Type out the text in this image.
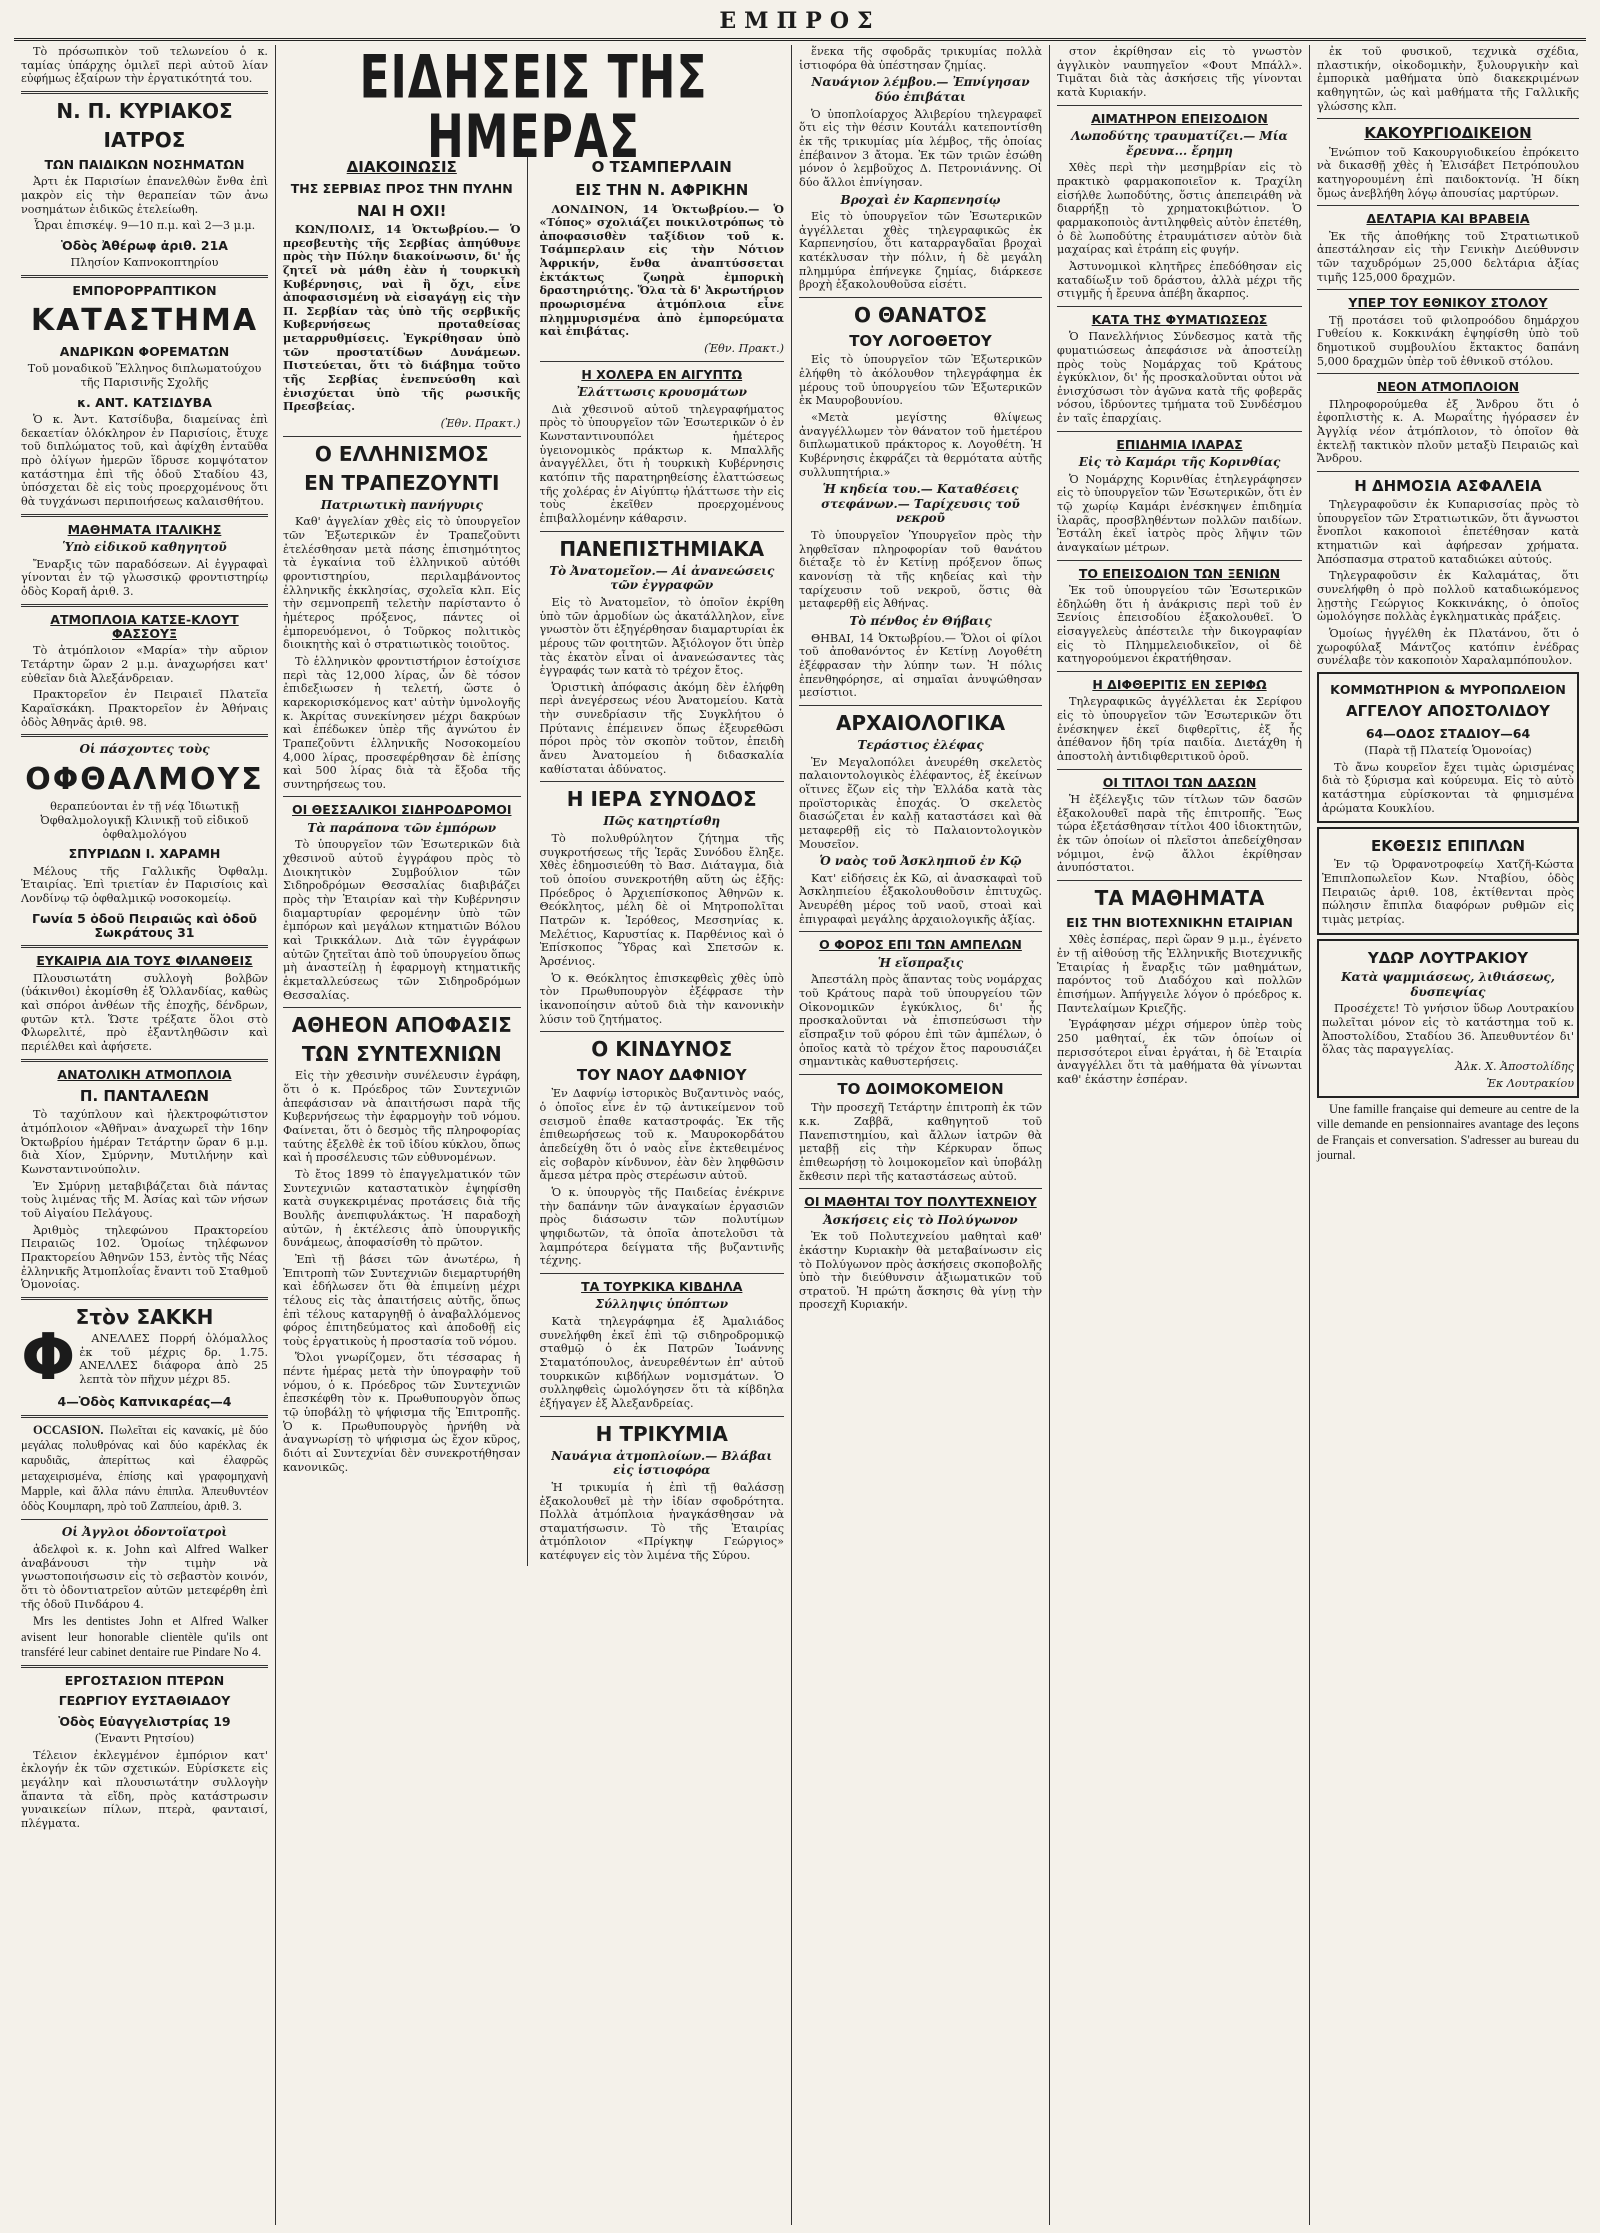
ΕΜΠΡΟΣ

Τὸ πρόσωπικὸν τοῦ τελωνείου ὁ κ. ταμίας ὑπάρχης ὁμιλεῖ περὶ αὐτοῦ λίαν εὐφήμως ἐξαίρων τὴν ἐργατικότητά του.

Ν. Π. ΚΥΡΙΑΚΟΣ
ΙΑΤΡΟΣ
ΤΩΝ ΠΑΙΔΙΚΩΝ ΝΟΣΗΜΑΤΩΝ

Ἀρτι ἐκ Παρισίων ἐπανελθὼν ἔνθα ἐπὶ μακρὸν εἰς τὴν θεραπείαν τῶν ἀνω νοσημάτων ἐιδικῶς ἐτελείωθη.

Ὧραι ἐπισκέψ. 9—10 π.μ. καὶ 2—3 μ.μ.

Ὁδὸς Ἀθέρωφ ἀριθ. 21Α

Πλησίον Καπνοκοπτηρίου

ΕΜΠΟΡΟΡΡΑΠΤΙΚΟΝ
ΚΑΤΑΣΤΗΜΑ
ΑΝΔΡΙΚΩΝ ΦΟΡΕΜΑΤΩΝ

Τοῦ μοναδικοῦ Ἕλληνος διπλωματούχου τῆς Παρισινῆς Σχολῆς

κ. ΑΝΤ. ΚΑΤΣΙΔΥΒΑ

Ὁ κ. Ἀντ. Κατσίδυβα, διαμείνας ἐπὶ δεκαετίαν ὁλόκληρον ἐν Παρισίοις, ἔτυχε τοῦ διπλώματος τοῦ, καὶ ἀφίχθη ἐνταῦθα πρὸ ὀλίγων ἡμερῶν ἵδρυσε κομψότατον κατάστημα ἐπὶ τῆς ὁδοῦ Σταδίου 43, ὑπόσχεται δὲ εἰς τοὺς προερχομένους ὅτι θὰ τυγχάνωσι περιποιήσεως καλαισθήτου.

ΜΑΘΗΜΑΤΑ ΙΤΑΛΙΚΗΣ
Ὑπὸ εἰδικοῦ καθηγητοῦ

Ἔναρξις τῶν παραδόσεων. Αἱ ἐγγραφαὶ γίνονται ἐν τῷ γλωσσικῷ φροντιστηρίῳ ὁδὸς Κοραῆ ἀριθ. 3.

ΑΤΜΟΠΛΟΙΑ ΚΑΤΣΕ-ΚΛΟΥΤ ΦΑΣΣΟΥΞ

Τὸ ἀτμόπλοιον «Μαρία» τὴν αὔριον Τετάρτην ὥραν 2 μ.μ. ἀναχωρήσει κατ' εὐθεῖαν διὰ Ἀλεξάνδρειαν.

Πρακτορεῖον ἐν Πειραιεῖ Πλατεῖα Καραϊσκάκη. Πρακτορεῖον ἐν Ἀθήναις ὁδὸς Ἀθηνᾶς ἀριθ. 98.

Οἱ πάσχοντες τοὺς
ΟΦΘΑΛΜΟΥΣ

θεραπεύονται ἐν τῇ νέᾳ Ἰδιωτικῇ Ὀφθαλμολογικῇ Κλινικῇ τοῦ εἰδικοῦ ὀφθαλμολόγου

ΣΠΥΡΙΔΩΝ Ι. ΧΑΡΑΜΗ

Μέλους τῆς Γαλλικῆς Ὀφθαλμ. Ἑταιρίας. Ἐπὶ τριετίαν ἐν Παρισίοις καὶ Λονδίνῳ τῷ ὀφθαλμικῷ νοσοκομείῳ.

Γωνία 5 ὁδοῦ Πειραιῶς καὶ ὁδοῦ Σωκράτους 31
ΕΥΚΑΙΡΙΑ ΔΙΑ ΤΟΥΣ ΦΙΛΑΝΘΕΙΣ

Πλουσιωτάτη συλλογὴ βολβῶν (ὑάκινθοι) ἐκομίσθη ἐξ Ὁλλανδίας, καθὼς καὶ σπόροι ἀνθέων τῆς ἐποχῆς, δένδρων, φυτῶν κτλ. Ὥστε τρέξατε ὅλοι στὸ Φλωρελιτέ, πρὸ ἐξαντληθῶσιν καὶ περιέλθει καὶ ἀφήσετε.

ΑΝΑΤΟΛΙΚΗ ΑΤΜΟΠΛΟΙΑ
Π. ΠΑΝΤΑΛΕΩΝ

Τὸ ταχύπλουν καὶ ἠλεκτροφώτιστον ἀτμόπλοιον «Ἀθῆναι» ἀναχωρεῖ τὴν 16ην Ὀκτωβρίου ἡμέραν Τετάρτην ὥραν 6 μ.μ. διὰ Χίον, Σμύρνην, Μυτιλήνην καὶ Κωνσταντινούπολιν.

Ἐν Σμύρνῃ μεταβιβάζεται διὰ πάντας τοὺς λιμένας τῆς Μ. Ἀσίας καὶ τῶν νήσων τοῦ Αἰγαίου Πελάγους.

Ἀριθμὸς τηλεφώνου Πρακτορείου Πειραιῶς 102. Ὁμοίως τηλέφωνον Πρακτορείου Ἀθηνῶν 153, ἐντὸς τῆς Νέας ἐλληνικῆς Ἀτμοπλοΐας ἔναντι τοῦ Σταθμοῦ Ὁμονοίας.

Στὸν ΣΑΚΚΗ
Φ	ΑΝΕΛΛΕΣ Πορρή ὀλόμαλλος ἐκ τοῦ μέχρις δρ. 1.75. ΑΝΕΛΛΕΣ διάφορα ἀπὸ 25 λεπτὰ τὸν πῆχυν μέχρι 85.

4—Ὁδὸς Καπνικαρέας—4

OCCASION. Πωλεῖται εἰς κανακίς, μὲ δύο μεγάλας πολυθρόνας καὶ δύο καρέκλας ἐκ καρυδιᾶς, ἀπερίττως καὶ ἐλαφρῶς μεταχειρισμένα, ἐπίσης καὶ γραφομηχανὴ Mapple, καὶ ἄλλα πάνυ ἐπιπλα. Ἀπευθυντέον ὁδὸς Κουμπαρη, πρὸ τοῦ Ζαππείου, ἀριθ. 3.

Οἱ Ἀγγλοι ὀδοντοϊατροὶ

ἀδελφοὶ κ. κ. John καὶ Alfred Walker ἀναβάνουσι τὴν τιμὴν νὰ γνωστοποιήσωσιν εἰς τὸ σεβαστὸν κοινόν, ὅτι τὸ ὀδοντιατρεῖον αὐτῶν μετεφέρθη ἐπὶ τῆς ὁδοῦ Πινδάρου 4.

Mrs les dentistes John et Alfred Walker avisent leur honorable clientèle qu'ils ont transféré leur cabinet dentaire rue Pindare No 4.

ΕΡΓΟΣΤΑΣΙΟΝ ΠΤΕΡΩΝ
ΓΕΩΡΓΙΟΥ ΕΥΣΤΑΘΙΑΔΟΥ
Ὁδὸς Εὐαγγελιστρίας 19

(Ἐναντι Ρητσίου)

Τέλειον ἐκλεγμένον ἐμπόριον κατ' ἐκλογήν ἐκ τῶν σχετικών. Εὑρίσκετε εἰς μεγάλην καὶ πλουσιωτάτην συλλογὴν ἅπαντα τὰ εἴδη, πρὸς κατάστρωσιν γυναικείων πίλων, πτερὰ, φανταισί, πλέγματα.

ΕΙΔΗΣΕΙΣ ΤΗΣ ΗΜΕΡΑΣ
ΔΙΑΚΟΙΝΩΣΙΣ
ΤΗΣ ΣΕΡΒΙΑΣ ΠΡΟΣ ΤΗΝ ΠΥΛΗΝ
ΝΑΙ Η ΟΧΙ!

ΚΩΝ/ΠΟΛΙΣ, 14 Ὀκτωβρίου.— Ὁ πρεσβευτὴς τῆς Σερβίας ἀπηύθυνε πρὸς τὴν Πύλην διακοίνωσιν, δι' ἧς ζητεῖ νὰ μάθη ἐὰν ἡ τουρκικὴ Κυβέρνησις, ναὶ ἢ ὄχι, εἶνε ἀποφασισμένη νὰ εἰσαγάγῃ εἰς τὴν Π. Σερβίαν τὰς ὑπὸ τῆς σερβικῆς Κυβερνήσεως προταθείσας μεταρρυθμίσεις. Ἐγκρίθησαν ὑπὸ τῶν προστατίδων Δυνάμεων. Πιστεύεται, ὅτι τὸ διάβημα τοῦτο τῆς Σερβίας ἐνεπνεύσθη καὶ ἐνισχύεται ὑπὸ τῆς ρωσικῆς Πρεσβείας.

(Ἐθν. Πρακτ.)

Ο ΕΛΛΗΝΙΣΜΟΣ
ΕΝ ΤΡΑΠΕΖΟΥΝΤΙ
Πατριωτικὴ πανήγυρις

Καθ' ἀγγελίαν χθὲς εἰς τὸ ὑπουργεῖον τῶν Ἐξωτερικῶν ἐν Τραπεζοῦντι ἐτελέσθησαν μετὰ πάσης ἐπισημότητος τὰ ἐγκαίνια τοῦ ἑλληνικοῦ αὐτόθι φροντιστηρίου, περιλαμβάνοντος ἑλληνικῆς ἐκκλησίας, σχολεῖα κλπ. Εἰς τὴν σεμνοπρεπῆ τελετὴν παρίσταντο ὁ ἡμέτερος πρόξενος, πάντες οἱ ἐμπορευόμενοι, ὁ Τοῦρκος πολιτικὸς διοικητὴς καὶ ὁ στρατιωτικὸς τοιοῦτος.

Τὸ ἑλληνικὸν φροντιστήριον ἐστοίχισε περὶ τὰς 12,000 λίρας, ὧν δὲ τόσον ἐπιδεξιωσεν ἡ τελετή, ὥστε ὁ καρεκορισκόμενος κατ' αὐτὴν ὑμνολογῆς κ. Ἀκρίτας συνεκίνησεν μέχρι δακρύων καὶ ἐπέδωκεν ὑπὲρ τῆς ἀγνώτου ἐν Τραπεζοῦντι ἑλληνικῆς Νοσοκομείου 4,000 λίρας, προσεφέρθησαν δὲ ἐπίσης καὶ 500 λίρας διὰ τὰ ἔξοδα τῆς συντηρήσεως του.

ΟΙ ΘΕΣΣΑΛΙΚΟΙ ΣΙΔΗΡΟΔΡΟΜΟΙ
Τὰ παράπονα τῶν ἐμπόρων

Τὸ ὑπουργεῖον τῶν Ἐσωτερικῶν διὰ χθεσινοῦ αὐτοῦ ἐγγράφου πρὸς τὸ Διοικητικὸν Συμβούλιον τῶν Σιδηροδρόμων Θεσσαλίας διαβιβάζει πρὸς τὴν Ἑταιρίαν καὶ τὴν Κυβέρνησιν διαμαρτυρίαν φερομένην ὑπὸ τῶν ἐμπόρων καὶ μεγάλων κτηματιῶν Βόλου καὶ Τρικκάλων. Διὰ τῶν ἐγγράφων αὐτῶν ζητεῖται ἀπὸ τοῦ ὑπουργείου ὅπως μὴ ἀναστείλῃ ἡ ἐφαρμογὴ κτηματικῆς ἐκμεταλλεύσεως τῶν Σιδηροδρόμων Θεσσαλίας.

ΑΘΗΕΟΝ ΑΠΟΦΑΣΙΣ
ΤΩΝ ΣΥΝΤΕΧΝΙΩΝ

Εἰς τὴν χθεσινὴν συνέλευσιν ἐγράφη, ὅτι ὁ κ. Πρόεδρος τῶν Συντεχνιῶν ἀπεφάσισαν νὰ ἀπαιτήσωσι παρὰ τῆς Κυβερνήσεως τὴν ἐφαρμογὴν τοῦ νόμου. Φαίνεται, ὅτι ὁ δεσμὸς τῆς πληροφορίας ταύτης ἐξελθὲ ἐκ τοῦ ἰδίου κύκλου, ὅπως καὶ ἡ προσέλευσις τῶν εὐθυνομένων.

Τὸ ἔτος 1899 τὸ ἐπαγγελματικόν τῶν Συντεχνιῶν καταστατικὸν ἐψηφίσθη κατὰ συγκεκριμένας προτάσεις διὰ τῆς Βουλῆς ἀνεπιφυλάκτως. Ἡ παραδοχὴ αὐτῶν, ἡ ἐκτέλεσις ἀπὸ ὑπουργικῆς δυνάμεως, ἀποφασίσθη τὸ πρῶτον.

Ἐπὶ τῇ βάσει τῶν ἀνωτέρω, ἡ Ἐπιτροπὴ τῶν Συντεχνιῶν διεμαρτυρήθη καὶ ἐδήλωσεν ὅτι θὰ ἐπιμείνῃ μέχρι τέλους εἰς τὰς ἀπαιτήσεις αὐτῆς, ὅπως ἐπὶ τέλους καταργηθῇ ὁ ἀναβαλλόμενος φόρος ἐπιτηδεύματος καὶ ἀποδοθῇ εἰς τοὺς ἐργατικοὺς ἡ προστασία τοῦ νόμου.

Ὅλοι γνωρίζομεν, ὅτι τέσσαρας ἡ πέντε ἡμέρας μετὰ τὴν ὑπογραφὴν τοῦ νόμου, ὁ κ. Πρόεδρος τῶν Συντεχνιῶν ἐπεσκέφθη τὸν κ. Πρωθυπουργὸν ὅπως τῷ ὑποβάλῃ τὸ ψήφισμα τῆς Ἐπιτροπῆς. Ὁ κ. Πρωθυπουργὸς ἠρνήθη νὰ ἀναγνωρίσῃ τὸ ψήφισμα ὡς ἔχον κῦρος, διότι αἱ Συντεχνίαι δὲν συνεκροτήθησαν κανονικῶς.

Ο ΤΣΑΜΠΕΡΛΑΙΝ
ΕΙΣ ΤΗΝ Ν. ΑΦΡΙΚΗΝ

ΛΟΝΔΙΝΟΝ, 14 Ὀκτωβρίου.— Ὁ «Τόπος» σχολιάζει ποικιλοτρόπως τὸ ἀποφασισθὲν ταξίδιον τοῦ κ. Τσάμπερλαιν εἰς τὴν Νότιον Ἀφρικήν, ἔνθα ἀναπτύσσεται ἐκτάκτως ζωηρὰ ἐμπορικὴ δραστηριότης. Ὅλα τὰ δ' Ἀκρωτήριον προωρισμένα ἀτμόπλοια εἶνε πλημμυρισμένα ἀπὸ ἐμπορεύματα καὶ ἐπιβάτας.

(Ἐθν. Πρακτ.)

Η ΧΟΛΕΡΑ ΕΝ ΑΙΓΥΠΤΩ
Ἐλάττωσις κρουσμάτων

Διὰ χθεσινοῦ αὐτοῦ τηλεγραφήματος πρὸς τὸ ὑπουργεῖον τῶν Ἐσωτερικῶν ὁ ἐν Κωνσταντινουπόλει ἡμέτερος ὑγειονομικὸς πράκτωρ κ. Μπαλλῆς ἀναγγέλλει, ὅτι ἡ τουρκικὴ Κυβέρνησις κατόπιν τῆς παρατηρηθείσης ἐλαττώσεως τῆς χολέρας ἐν Αἰγύπτῳ ἠλάττωσε τὴν εἰς τοὺς ἐκεῖθεν προερχομένους ἐπιβαλλομένην κάθαρσιν.

ΠΑΝΕΠΙΣΤΗΜΙΑΚΑ
Τὸ Ἀνατομεῖον.— Αἱ ἀνανεώσεις τῶν ἐγγραφῶν

Εἰς τὸ Ἀνατομεῖον, τὸ ὁποῖον ἐκρίθη ὑπὸ τῶν ἀρμοδίων ὡς ἀκατάλληλον, εἶνε γνωστὸν ὅτι ἐξηγέρθησαν διαμαρτυρίαι ἐκ μέρους τῶν φοιτητῶν. Ἀξιόλογον ὅτι ὑπὲρ τὰς ἐκατὸν εἶναι οἱ ἀνανεώσαντες τὰς ἐγγραφάς των κατὰ τὸ τρέχον ἔτος.

Ὁριστικὴ ἀπόφασις ἀκόμη δὲν ἐλήφθη περὶ ἀνεγέρσεως νέου Ἀνατομείου. Κατὰ τὴν συνεδρίασιν τῆς Συγκλήτου ὁ Πρύτανις ἐπέμεινεν ὅπως ἐξευρεθῶσι πόροι πρὸς τὸν σκοπὸν τοῦτον, ἐπειδὴ ἄνευ Ἀνατομείου ἡ διδασκαλία καθίσταται ἀδύνατος.

Η ΙΕΡΑ ΣΥΝΟΔΟΣ
Πῶς κατηρτίσθη

Τὸ πολυθρύλητον ζήτημα τῆς συγκροτήσεως τῆς Ἱερᾶς Συνόδου ἔληξε. Χθὲς ἐδημοσιεύθη τὸ Βασ. Διάταγμα, διὰ τοῦ ὁποίου συνεκροτήθη αὕτη ὡς ἑξῆς: Πρόεδρος ὁ Ἀρχιεπίσκοπος Ἀθηνῶν κ. Θεόκλητος, μέλη δὲ οἱ Μητροπολῖται Πατρῶν κ. Ἱερόθεος, Μεσσηνίας κ. Μελέτιος, Καρυστίας κ. Παρθένιος καὶ ὁ Ἐπίσκοπος Ὕδρας καὶ Σπετσῶν κ. Ἀρσένιος.

Ὁ κ. Θεόκλητος ἐπισκεφθεὶς χθὲς ὑπὸ τὸν Πρωθυπουργὸν ἐξέφρασε τὴν ἱκανοποίησιν αὐτοῦ διὰ τὴν κανονικὴν λύσιν τοῦ ζητήματος.

Ο ΚΙΝΔΥΝΟΣ
ΤΟΥ ΝΑΟΥ ΔΑΦΝΙΟΥ

Ἐν Δαφνίῳ ἱστορικὸς Βυζαντινὸς ναός, ὁ ὁποῖος εἶνε ἐν τῷ ἀντικείμενον τοῦ σεισμοῦ ἐπαθε καταστροφάς. Ἐκ τῆς ἐπιθεωρήσεως τοῦ κ. Μαυροκορδάτου ἀπεδείχθη ὅτι ὁ ναὸς εἶνε ἐκτεθειμένος εἰς σοβαρὸν κίνδυνον, ἐὰν δὲν ληφθῶσιν ἄμεσα μέτρα πρὸς στερέωσιν αὐτοῦ.

Ὁ κ. ὑπουργὸς τῆς Παιδείας ἐνέκρινε τὴν δαπάνην τῶν ἀναγκαίων ἐργασιῶν πρὸς διάσωσιν τῶν πολυτίμων ψηφιδωτῶν, τὰ ὁποῖα ἀποτελοῦσι τὰ λαμπρότερα δείγματα τῆς βυζαντινῆς τέχνης.

ΤΑ ΤΟΥΡΚΙΚΑ ΚΙΒΔΗΛΑ
Σύλληψις ὑπόπτων

Κατὰ τηλεγράφημα ἐξ Ἀμαλιάδος συνελήφθη ἐκεῖ ἐπὶ τῷ σιδηροδρομικῷ σταθμῷ ὁ ἐκ Πατρῶν Ἰωάννης Σταματόπουλος, ἀνευρεθέντων ἐπ' αὐτοῦ τουρκικῶν κιβδήλων νομισμάτων. Ὁ συλληφθεὶς ὡμολόγησεν ὅτι τὰ κίβδηλα ἐξήγαγεν ἐξ Ἀλεξανδρείας.

Η ΤΡΙΚΥΜΙΑ
Ναυάγια ἀτμοπλοίων.— Βλάβαι εἰς ἱστιοφόρα

Ἡ τρικυμία ἡ ἐπὶ τῇ θαλάσσῃ ἐξακολουθεῖ μὲ τὴν ἰδίαν σφοδρότητα. Πολλὰ ἀτμόπλοια ἠναγκάσθησαν νὰ σταματήσωσιν. Τὸ τῆς Ἑταιρίας ἀτμόπλοιον «Πρίγκηψ Γεώργιος» κατέφυγεν εἰς τὸν λιμένα τῆς Σύρου.

ἕνεκα τῆς σφοδρᾶς τρικυμίας πολλὰ ἱστιοφόρα θὰ ὑπέστησαν ζημίας.

Ναυάγιον λέμβου.— Ἐπνίγησαν δύο ἐπιβάται

Ὁ ὑποπλοίαρχος Ἀλιβερίου τηλεγραφεῖ ὅτι εἰς τὴν θέσιν Κουτάλι κατεποντίσθη ἐκ τῆς τρικυμίας μία λέμβος, τῆς ὁποίας ἐπέβαινον 3 ἄτομα. Ἐκ τῶν τριῶν ἐσώθη μόνον ὁ λεμβοῦχος Δ. Πετρονιάννης. Οἱ δύο ἄλλοι ἐπνίγησαν.

Βροχαὶ ἐν Καρπενησίῳ

Εἰς τὸ ὑπουργεῖον τῶν Ἐσωτερικῶν ἀγγέλλεται χθὲς τηλεγραφικῶς ἐκ Καρπενησίου, ὅτι καταρραγδαῖαι βροχαὶ κατέκλυσαν τὴν πόλιν, ἡ δὲ μεγάλη πλημμύρα ἐπήνεγκε ζημίας, διάρκεσε βροχὴ ἐξακολουθοῦσα εἰσέτι.

Ο ΘΑΝΑΤΟΣ
ΤΟΥ ΛΟΓΟΘΕΤΟΥ

Εἰς τὸ ὑπουργεῖον τῶν Ἐξωτερικῶν ἐλήφθη τὸ ἀκόλουθον τηλεγράφημα ἐκ μέρους τοῦ ὑπουργείου τῶν Ἐξωτερικῶν ἐκ Μαυροβουνίου.

«Μετὰ μεγίστης θλίψεως ἀναγγέλλωμεν τὸν θάνατον τοῦ ἡμετέρου διπλωματικοῦ πράκτορος κ. Λογοθέτη. Ἡ Κυβέρνησις ἐκφράζει τὰ θερμότατα αὐτῆς συλλυπητήρια.»

Ἡ κηδεία του.— Καταθέσεις στεφάνων.— Ταρίχευσις τοῦ νεκροῦ

Τὸ ὑπουργεῖον Ὑπουργεῖον πρὸς τὴν ληφθεῖσαν πληροφορίαν τοῦ θανάτου διέταξε τὸ ἐν Κετίνῃ πρόξενον ὅπως κανονίσῃ τὰ τῆς κηδείας καὶ τὴν ταρίχευσιν τοῦ νεκροῦ, ὅστις θὰ μεταφερθῇ εἰς Ἀθήνας.

Τὸ πένθος ἐν Θήβαις

ΘΗΒΑΙ, 14 Ὀκτωβρίου.— Ὅλοι οἱ φίλοι τοῦ ἀποθανόντος ἐν Κετίνῃ Λογοθέτη ἐξέφρασαν τὴν λύπην των. Ἡ πόλις ἐπενθηφόρησε, αἱ σημαῖαι ἀνυψώθησαν μεσίστιοι.

ΑΡΧΑΙΟΛΟΓΙΚΑ
Τεράστιος ἐλέφας

Ἐν Μεγαλοπόλει ἀνευρέθη σκελετὸς παλαιοντολογικὸς ἐλέφαντος, ἐξ ἐκείνων οἵτινες ἔζων εἰς τὴν Ἑλλάδα κατὰ τὰς προϊστορικὰς ἐποχάς. Ὁ σκελετὸς διασώζεται ἐν καλῇ καταστάσει καὶ θὰ μεταφερθῇ εἰς τὸ Παλαιοντολογικὸν Μουσεῖον.

Ὁ ναὸς τοῦ Ἀσκληπιοῦ ἐν Κῷ

Κατ' εἰδήσεις ἐκ Κῶ, αἱ ἀνασκαφαὶ τοῦ Ἀσκληπιείου ἐξακολουθοῦσιν ἐπιτυχῶς. Ἀνευρέθη μέρος τοῦ ναοῦ, στοαὶ καὶ ἐπιγραφαὶ μεγάλης ἀρχαιολογικῆς ἀξίας.

Ο ΦΟΡΟΣ ΕΠΙ ΤΩΝ ΑΜΠΕΛΩΝ
Ἡ εἴσπραξις

Ἀπεστάλη πρὸς ἅπαντας τοὺς νομάρχας τοῦ Κράτους παρὰ τοῦ ὑπουργείου τῶν Οἰκονομικῶν ἐγκύκλιος, δι' ἧς προσκαλοῦνται νὰ ἐπισπεύσωσι τὴν εἴσπραξιν τοῦ φόρου ἐπὶ τῶν ἀμπέλων, ὁ ὁποῖος κατὰ τὸ τρέχον ἔτος παρουσιάζει σημαντικὰς καθυστερήσεις.

ΤΟ ΔΟΙΜΟΚΟΜΕΙΟΝ

Τὴν προσεχῆ Τετάρτην ἐπιτροπὴ ἐκ τῶν κ.κ. Ζαββᾶ, καθηγητοῦ τοῦ Πανεπιστημίου, καὶ ἄλλων ἰατρῶν θὰ μεταβῇ εἰς τὴν Κέρκυραν ὅπως ἐπιθεωρήσῃ τὸ λοιμοκομεῖον καὶ ὑποβάλῃ ἔκθεσιν περὶ τῆς καταστάσεως αὐτοῦ.

ΟΙ ΜΑΘΗΤΑΙ ΤΟΥ ΠΟΛΥΤΕΧΝΕΙΟΥ
Ἀσκήσεις εἰς τὸ Πολύγωνον

Ἐκ τοῦ Πολυτεχνείου μαθηταὶ καθ' ἑκάστην Κυριακὴν θὰ μεταβαίνωσιν εἰς τὸ Πολύγωνον πρὸς ἀσκήσεις σκοποβολῆς ὑπὸ τὴν διεύθυνσιν ἀξιωματικῶν τοῦ στρατοῦ. Ἡ πρώτη ἄσκησις θὰ γίνῃ τὴν προσεχῆ Κυριακήν.

στον ἐκρίθησαν εἰς τὸ γνωστὸν ἀγγλικὸν ναυπηγεῖον «Φουτ Μπάλλ». Τιμᾶται διὰ τὰς ἀσκήσεις τῆς γίνονται κατὰ Κυριακήν.

ΑΙΜΑΤΗΡΟΝ ΕΠΕΙΣΟΔΙΟΝ
Λωποδύτης τραυματίζει.— Μία ἔρευνα... ἔρημη

Χθὲς περὶ τὴν μεσημβρίαν εἰς τὸ πρακτικὸ φαρμακοποιεῖον κ. Τραχίλη εἰσήλθε λωποδύτης, ὅστις ἀπεπειράθη νὰ διαρρήξῃ τὸ χρηματοκιβώτιον. Ὁ φαρμακοποιὸς ἀντιληφθεὶς αὐτὸν ἐπετέθη, ὁ δὲ λωποδύτης ἐτραυμάτισεν αὐτὸν διὰ μαχαίρας καὶ ἐτράπη εἰς φυγήν.

Ἀστυνομικοὶ κλητῆρες ἐπεδόθησαν εἰς καταδίωξιν τοῦ δράστου, ἀλλὰ μέχρι τῆς στιγμῆς ἡ ἔρευνα ἀπέβη ἄκαρπος.

ΚΑΤΑ ΤΗΣ ΦΥΜΑΤΙΩΣΕΩΣ

Ὁ Πανελλήνιος Σύνδεσμος κατὰ τῆς φυματιώσεως ἀπεφάσισε νὰ ἀποστείλῃ πρὸς τοὺς Νομάρχας τοῦ Κράτους ἐγκύκλιον, δι' ἧς προσκαλοῦνται οὗτοι νὰ ἐνισχύσωσι τὸν ἀγῶνα κατὰ τῆς φοβερᾶς νόσου, ἱδρύοντες τμήματα τοῦ Συνδέσμου ἐν ταῖς ἐπαρχίαις.

ΕΠΙΔΗΜΙΑ ΙΛΑΡΑΣ
Εἰς τὸ Καμάρι τῆς Κορινθίας

Ὁ Νομάρχης Κορινθίας ἐτηλεγράφησεν εἰς τὸ ὑπουργεῖον τῶν Ἐσωτερικῶν, ὅτι ἐν τῷ χωρίῳ Καμάρι ἐνέσκηψεν ἐπιδημία ἱλαρᾶς, προσβληθέντων πολλῶν παιδίων. Ἐστάλη ἐκεῖ ἰατρὸς πρὸς λῆψιν τῶν ἀναγκαίων μέτρων.

ΤΟ ΕΠΕΙΣΟΔΙΟΝ ΤΩΝ ΞΕΝΙΩΝ

Ἐκ τοῦ ὑπουργείου τῶν Ἐσωτερικῶν ἐδηλώθη ὅτι ἡ ἀνάκρισις περὶ τοῦ ἐν Ξενίοις ἐπεισοδίου ἐξακολουθεῖ. Ὁ εἰσαγγελεὺς ἀπέστειλε τὴν δικογραφίαν εἰς τὸ Πλημμελειοδικεῖον, οἱ δὲ κατηγορούμενοι ἐκρατήθησαν.

Η ΔΙΦΘΕΡΙΤΙΣ ΕΝ ΣΕΡΙΦΩ

Τηλεγραφικῶς ἀγγέλλεται ἐκ Σερίφου εἰς τὸ ὑπουργεῖον τῶν Ἐσωτερικῶν ὅτι ἐνέσκηψεν ἐκεῖ διφθερῖτις, ἐξ ἧς ἀπέθανον ἤδη τρία παιδία. Διετάχθη ἡ ἀποστολὴ ἀντιδιφθεριτικοῦ ὀροῦ.

ΟΙ ΤΙΤΛΟΙ ΤΩΝ ΔΑΣΩΝ

Ἡ ἐξέλεγξις τῶν τίτλων τῶν δασῶν ἐξακολουθεῖ παρὰ τῆς ἐπιτροπῆς. Ἕως τώρα ἐξετάσθησαν τίτλοι 400 ἰδιοκτητῶν, ἐκ τῶν ὁποίων οἱ πλεῖστοι ἀπεδείχθησαν νόμιμοι, ἐνῷ ἄλλοι ἐκρίθησαν ἀνυπόστατοι.

ΤΑ ΜΑΘΗΜΑΤΑ
ΕΙΣ ΤΗΝ ΒΙΟΤΕΧΝΙΚΗΝ ΕΤΑΙΡΙΑΝ

Χθὲς ἑσπέρας, περὶ ὥραν 9 μ.μ., ἐγένετο ἐν τῇ αἰθούσῃ τῆς Ἑλληνικῆς Βιοτεχνικῆς Ἑταιρίας ἡ ἔναρξις τῶν μαθημάτων, παρόντος τοῦ Διαδόχου καὶ πολλῶν ἐπισήμων. Ἀπήγγειλε λόγον ὁ πρόεδρος κ. Παντελαίμων Κριεζῆς.

Ἐγράφησαν μέχρι σήμερον ὑπὲρ τοὺς 250 μαθηταί, ἐκ τῶν ὁποίων οἱ περισσότεροι εἶναι ἐργάται, ἡ δὲ Ἑταιρία ἀναγγέλλει ὅτι τὰ μαθήματα θὰ γίνωνται καθ' ἑκάστην ἑσπέραν.

ἐκ τοῦ φυσικοῦ, τεχνικὰ σχέδια, πλαστικήν, οἰκοδομικὴν, ξυλουργικὴν καὶ ἐμπορικὰ μαθήματα ὑπὸ διακεκριμένων καθηγητῶν, ὡς καὶ μαθήματα τῆς Γαλλικῆς γλώσσης κλπ.

ΚΑΚΟΥΡΓΙΟΔΙΚΕΙΟΝ

Ἐνώπιον τοῦ Κακουργιοδικείου ἐπρόκειτο νὰ δικασθῇ χθὲς ἡ Ἐλισάβετ Πετρόπουλου κατηγορουμένη ἐπὶ παιδοκτονίᾳ. Ἡ δίκη ὅμως ἀνεβλήθη λόγῳ ἀπουσίας μαρτύρων.

ΔΕΛΤΑΡΙΑ ΚΑΙ ΒΡΑΒΕΙΑ

Ἐκ τῆς ἀποθήκης τοῦ Στρατιωτικοῦ ἀπεστάλησαν εἰς τὴν Γενικὴν Διεύθυνσιν τῶν ταχυδρόμων 25,000 δελτάρια ἀξίας τιμῆς 125,000 δραχμῶν.

ΥΠΕΡ ΤΟΥ ΕΘΝΙΚΟΥ ΣΤΟΛΟΥ

Τῇ προτάσει τοῦ φιλοπροόδου δημάρχου Γυθείου κ. Κοκκινάκη ἐψηφίσθη ὑπὸ τοῦ δημοτικοῦ συμβουλίου ἔκτακτος δαπάνη 5,000 δραχμῶν ὑπὲρ τοῦ ἐθνικοῦ στόλου.

ΝΕΟΝ ΑΤΜΟΠΛΟΙΟΝ

Πληροφορούμεθα ἐξ Ἄνδρου ὅτι ὁ ἐφοπλιστὴς κ. Α. Μωραΐτης ἠγόρασεν ἐν Ἀγγλίᾳ νέον ἀτμόπλοιον, τὸ ὁποῖον θὰ ἐκτελῇ τακτικὸν πλοῦν μεταξὺ Πειραιῶς καὶ Ἄνδρου.

Η ΔΗΜΟΣΙΑ ΑΣΦΑΛΕΙΑ

Τηλεγραφοῦσιν ἐκ Κυπαρισσίας πρὸς τὸ ὑπουργεῖον τῶν Στρατιωτικῶν, ὅτι ἄγνωστοι ἔνοπλοι κακοποιοὶ ἐπετέθησαν κατὰ κτηματιῶν καὶ ἀφήρεσαν χρήματα. Ἀπόσπασμα στρατοῦ καταδιώκει αὐτούς.

Τηλεγραφοῦσιν ἐκ Καλαμάτας, ὅτι συνελήφθη ὁ πρὸ πολλοῦ καταδιωκόμενος λῃστὴς Γεώργιος Κοκκινάκης, ὁ ὁποῖος ὡμολόγησε πολλὰς ἐγκληματικὰς πράξεις.

Ὁμοίως ἠγγέλθη ἐκ Πλατάνου, ὅτι ὁ χωροφύλαξ Μάντζος κατόπιν ἐνέδρας συνέλαβε τὸν κακοποιὸν Χαραλαμπόπουλον.

ΚΟΜΜΩΤΗΡΙΟΝ & ΜΥΡΟΠΩΛΕΙΟΝ
ΑΓΓΕΛΟΥ ΑΠΟΣΤΟΛΙΔΟΥ
64—ΟΔΟΣ ΣΤΑΔΙΟΥ—64

(Παρὰ τῇ Πλατείᾳ Ὁμονοίας)

Τὸ ἄνω κουρεῖον ἔχει τιμὰς ὡρισμένας διὰ τὸ ξύρισμα καὶ κούρευμα. Εἰς τὸ αὐτὸ κατάστημα εὑρίσκονται τὰ φημισμένα ἀρώματα Κουκλίου.

ΕΚΘΕΣΙΣ ΕΠΙΠΛΩΝ

Ἐν τῷ Ὀρφανοτροφείῳ Χατζῆ-Κώστα Ἐπιπλοπωλεῖον Κων. Νταβίου, ὁδὸς Πειραιῶς ἀριθ. 108, ἐκτίθενται πρὸς πώλησιν ἔπιπλα διαφόρων ρυθμῶν εἰς τιμὰς μετρίας.

ΥΔΩΡ ΛΟΥΤΡΑΚΙΟΥ
Κατὰ ψαμμιάσεως, λιθιάσεως, δυσπεψίας

Προσέχετε! Τὸ γνήσιον ὕδωρ Λουτρακίου πωλεῖται μόνον εἰς τὸ κατάστημα τοῦ κ. Ἀποστολίδου, Σταδίου 36. Ἀπευθυντέον δι' ὅλας τὰς παραγγελίας.

Ἀλκ. Χ. Ἀποστολίδης

Ἐκ Λουτρακίου

Une famille française qui demeure au centre de la ville demande en pensionnaires avantage des leçons de Français et conversation. S'adresser au bureau du journal.
